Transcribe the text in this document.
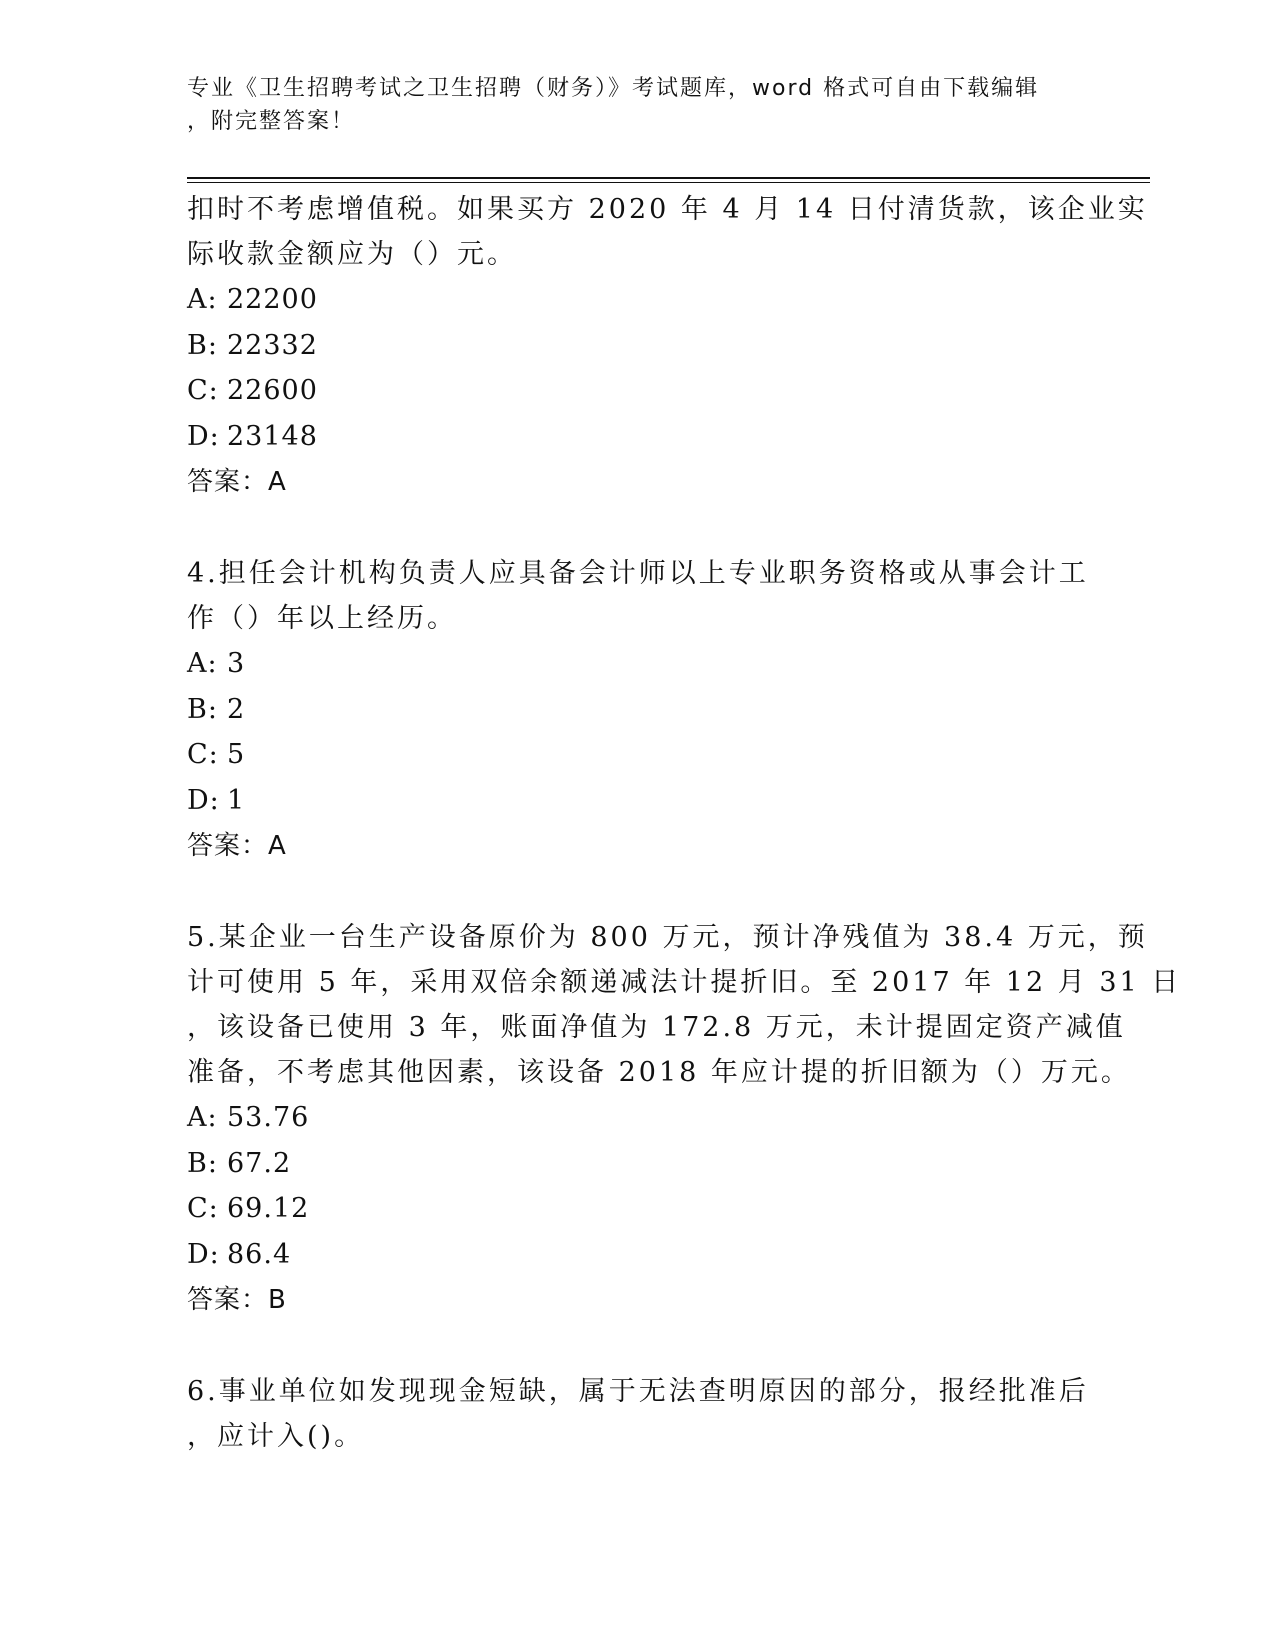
专业《卫生招聘考试之卫生招聘（财务）》考试题库，word 格式可自由下载编辑
，附完整答案！
扣时不考虑增值税。如果买方 2020 年 4 月 14 日付清货款，该企业实
际收款金额应为（）元。
A: 22200
B: 22332
C: 22600
D: 23148
答案：A
4.担任会计机构负责人应具备会计师以上专业职务资格或从事会计工
作（）年以上经历。
A: 3
B: 2
C: 5
D: 1
答案：A
5.某企业一台生产设备原价为 800 万元，预计净残值为 38.4 万元，预
计可使用 5 年，采用双倍余额递减法计提折旧。至 2017 年 12 月 31 日
，该设备已使用 3 年，账面净值为 172.8 万元，未计提固定资产减值
准备，不考虑其他因素，该设备 2018 年应计提的折旧额为（）万元。
A: 53.76
B: 67.2
C: 69.12
D: 86.4
答案：B
6.事业单位如发现现金短缺，属于无法查明原因的部分，报经批准后
，应计入()。
